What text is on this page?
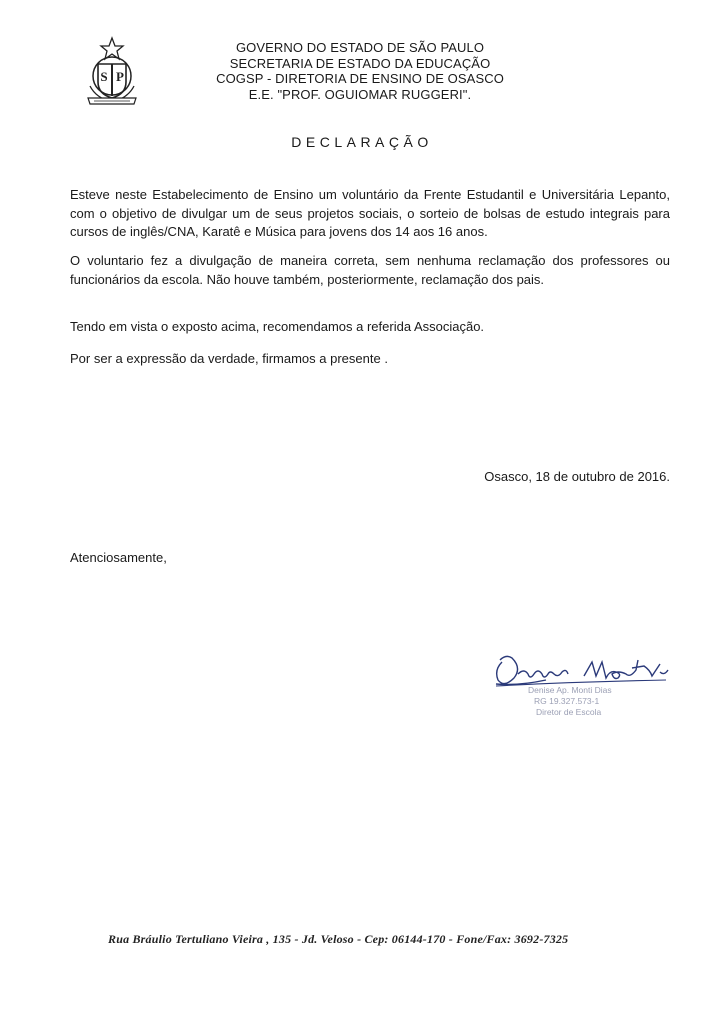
S P
GOVERNO DO ESTADO DE SÃO PAULO
SECRETARIA DE ESTADO DA EDUCAÇÃO
COGSP - DIRETORIA DE ENSINO DE OSASCO
E.E. "PROF. OGUIOMAR RUGGERI".
DECLARAÇÃO
Esteve neste Estabelecimento de Ensino um voluntário da Frente Estudantil e Universitária Lepanto, com o objetivo de divulgar um de seus projetos sociais, o sorteio de bolsas de estudo integrais para cursos de inglês/CNA, Karatê e Música para jovens dos 14 aos 16 anos.
O voluntario fez a divulgação de maneira correta, sem nenhuma reclamação dos professores ou funcionários da escola. Não houve também, posteriormente, reclamação dos pais.
Tendo em vista o exposto acima, recomendamos a referida Associação.
Por ser a expressão da verdade, firmamos a presente .
Osasco, 18 de outubro de 2016.
Atenciosamente,
Denise Ap. Monti Dias
RG 19.327.573-1
Diretor de Escola
Rua Bráulio Tertuliano Vieira , 135 - Jd. Veloso - Cep: 06144-170 - Fone/Fax: 3692-7325
